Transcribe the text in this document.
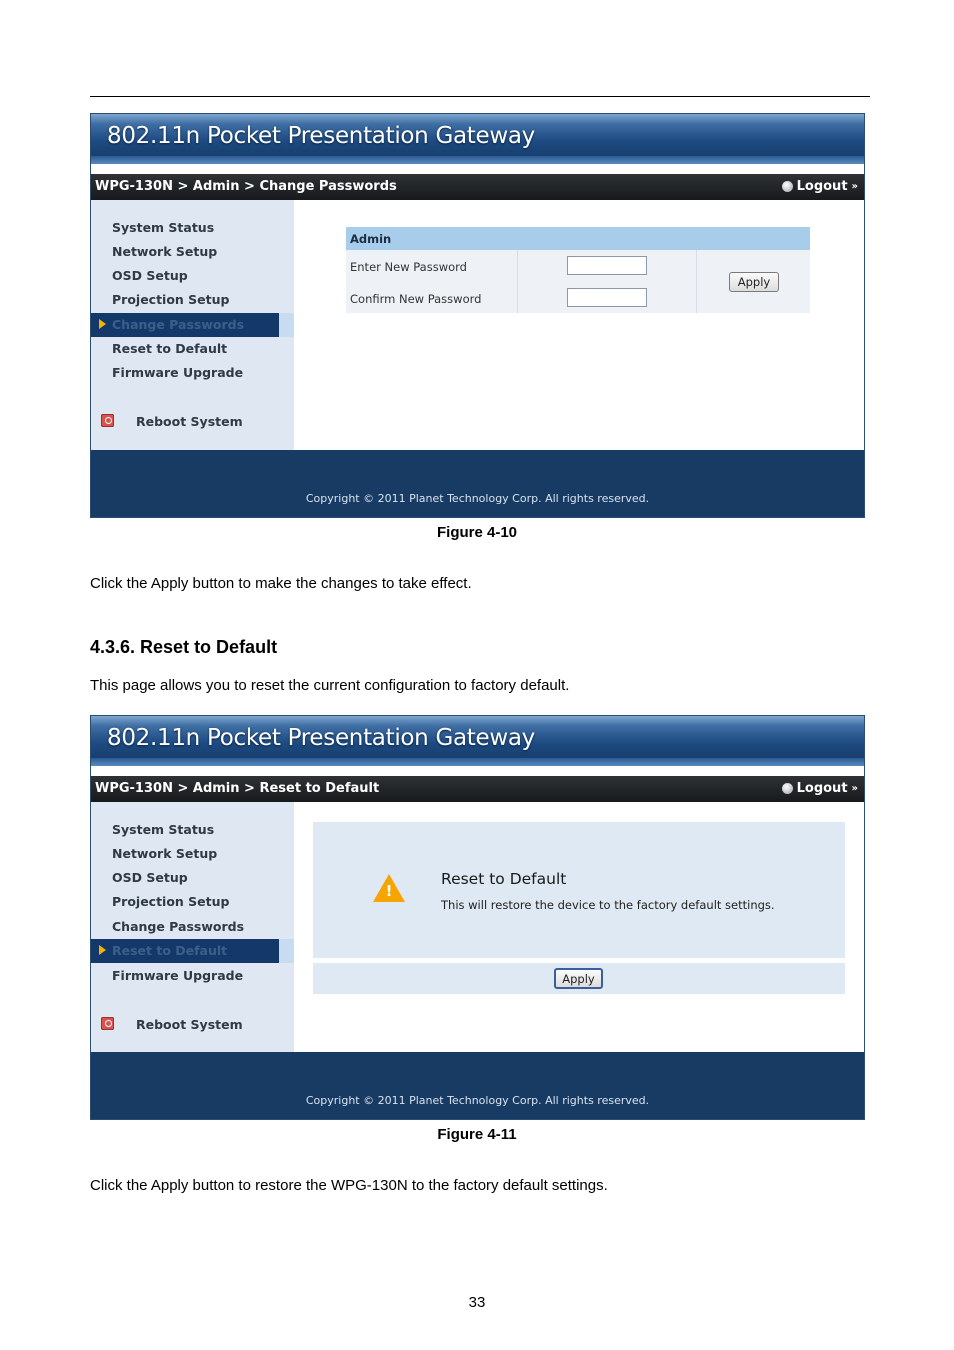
802.11n Pocket Presentation Gateway
WPG-130N > Admin > Change Passwords	Logout »
System Status
Network Setup
OSD Setup
Projection Setup
Change Passwords
Reset to Default
Firmware Upgrade
Reboot System
Admin
Enter New Password
Confirm New Password
Apply
Copyright © 2011 Planet Technology Corp. All rights reserved.
Figure 4-10
Click the Apply button to make the changes to take effect.
4.3.6. Reset to Default
This page allows you to reset the current configuration to factory default.
802.11n Pocket Presentation Gateway
WPG-130N > Admin > Reset to Default	Logout »
System Status
Network Setup
OSD Setup
Projection Setup
Change Passwords
Reset to Default
Firmware Upgrade
Reboot System
!
Reset to Default
This will restore the device to the factory default settings.
Apply
Copyright © 2011 Planet Technology Corp. All rights reserved.
Figure 4-11
Click the Apply button to restore the WPG-130N to the factory default settings.
33
